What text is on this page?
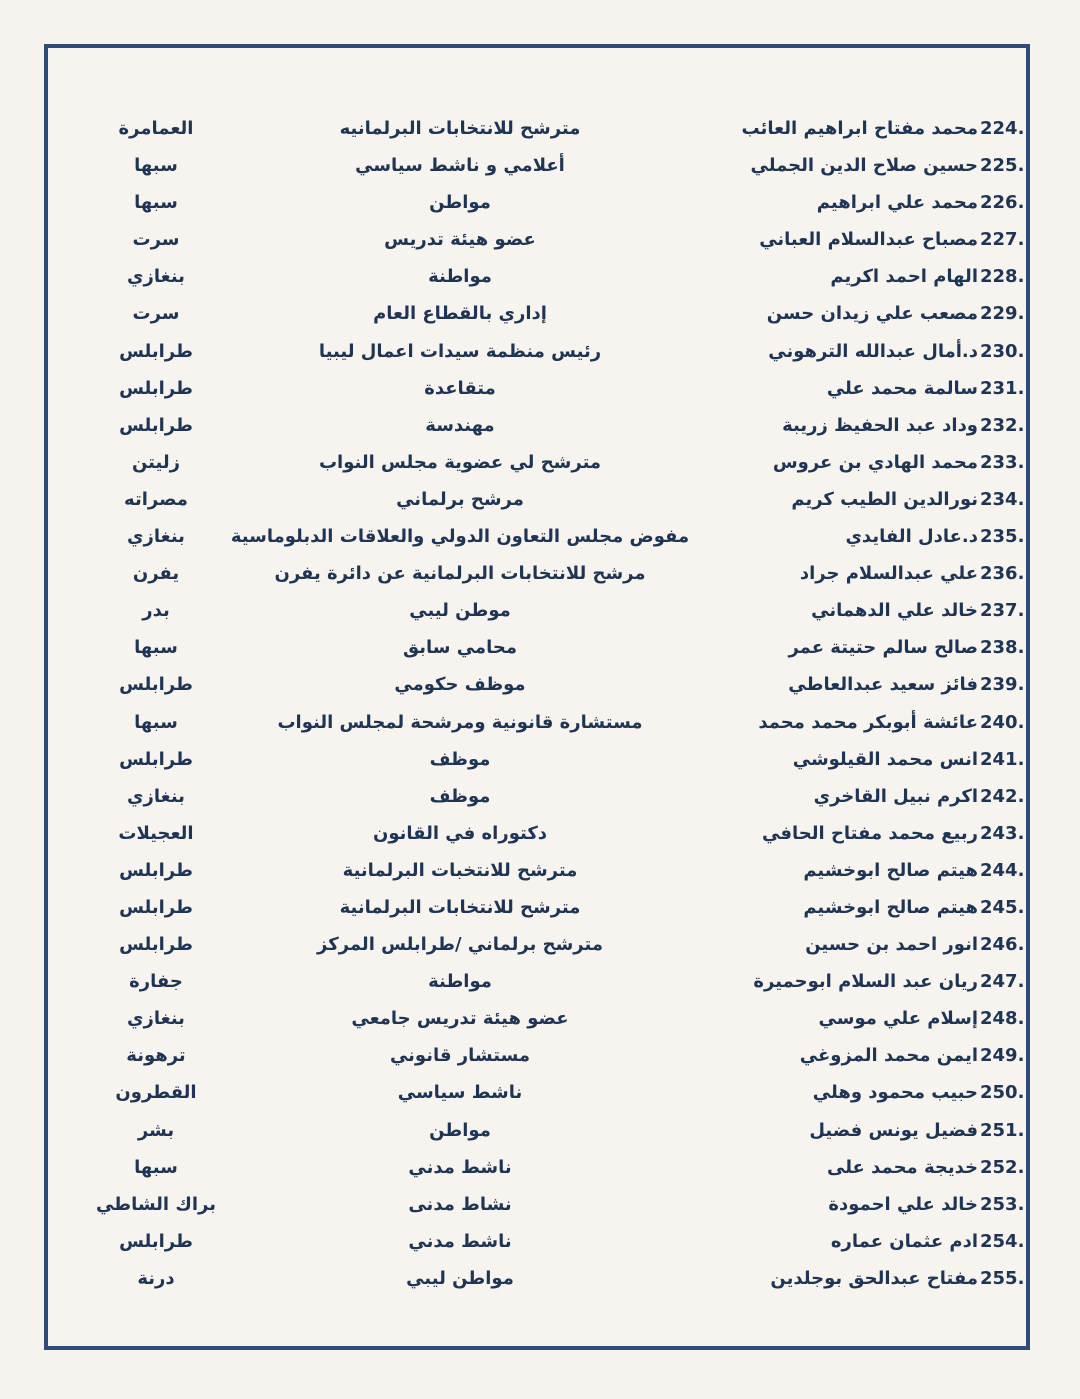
224.
محمد مفتاح ابراهيم العائب
مترشح للانتخابات البرلمانيه
العمامرة
225.
حسين صلاح الدين الجملي
أعلامي و ناشط سياسي
سبها
226.
محمد علي ابراهيم
مواطن
سبها
227.
مصباح عبدالسلام العباني
عضو هيئة تدريس
سرت
228.
الهام احمد اكريم
مواطنة
بنغازي
229.
مصعب علي زيدان حسن
إداري بالقطاع العام
سرت
230.
د.أمال عبدالله الترهوني
رئيس منظمة سيدات اعمال ليبيا
طرابلس
231.
سالمة محمد علي
متقاعدة
طرابلس
232.
وداد عبد الحفيظ زريبة
مهندسة
طرابلس
233.
محمد الهادي بن عروس
مترشح لي عضوية مجلس النواب
زليتن
234.
نورالدين الطيب كريم
مرشح برلماني
مصراته
235.
د.عادل الفايدي
مفوض مجلس التعاون الدولي والعلاقات الدبلوماسية
بنغازي
236.
علي عبدالسلام جراد
مرشح للانتخابات البرلمانية عن دائرة يفرن
يفرن
237.
خالد علي الدهماني
موطن ليبي
بدر
238.
صالح سالم حتيتة عمر
محامي سابق
سبها
239.
فائز سعيد عبدالعاطي
موظف حكومي
طرابلس
240.
عائشة أبوبكر محمد محمد
مستشارة قانونية ومرشحة لمجلس النواب
سبها
241.
انس محمد القيلوشي
موظف
طرابلس
242.
اكرم نبيل القاخري
موظف
بنغازي
243.
ربيع محمد مفتاح الحافي
دكتوراه في القانون
العجيلات
244.
هيتم صالح ابوخشيم
مترشح للانتخبات البرلمانية
طرابلس
245.
هيتم صالح ابوخشيم
مترشح للانتخابات البرلمانية
طرابلس
246.
انور احمد بن حسين
مترشح برلماني /طرابلس المركز
طرابلس
247.
ريان عبد السلام ابوحميرة
مواطنة
جفارة
248.
إسلام علي موسي
عضو هيئة تدريس جامعي
بنغازي
249.
ايمن محمد المزوغي
مستشار قانوني
ترهونة
250.
حبيب محمود وهلي
ناشط سياسي
القطرون
251.
فضيل يونس فضيل
مواطن
بشر
252.
خديجة محمد على
ناشط مدني
سبها
253.
خالد علي احمودة
نشاط مدنى
براك الشاطي
254.
ادم عثمان عماره
ناشط مدني
طرابلس
255.
مفتاح عبدالحق بوجلدين
مواطن ليبي
درنة
